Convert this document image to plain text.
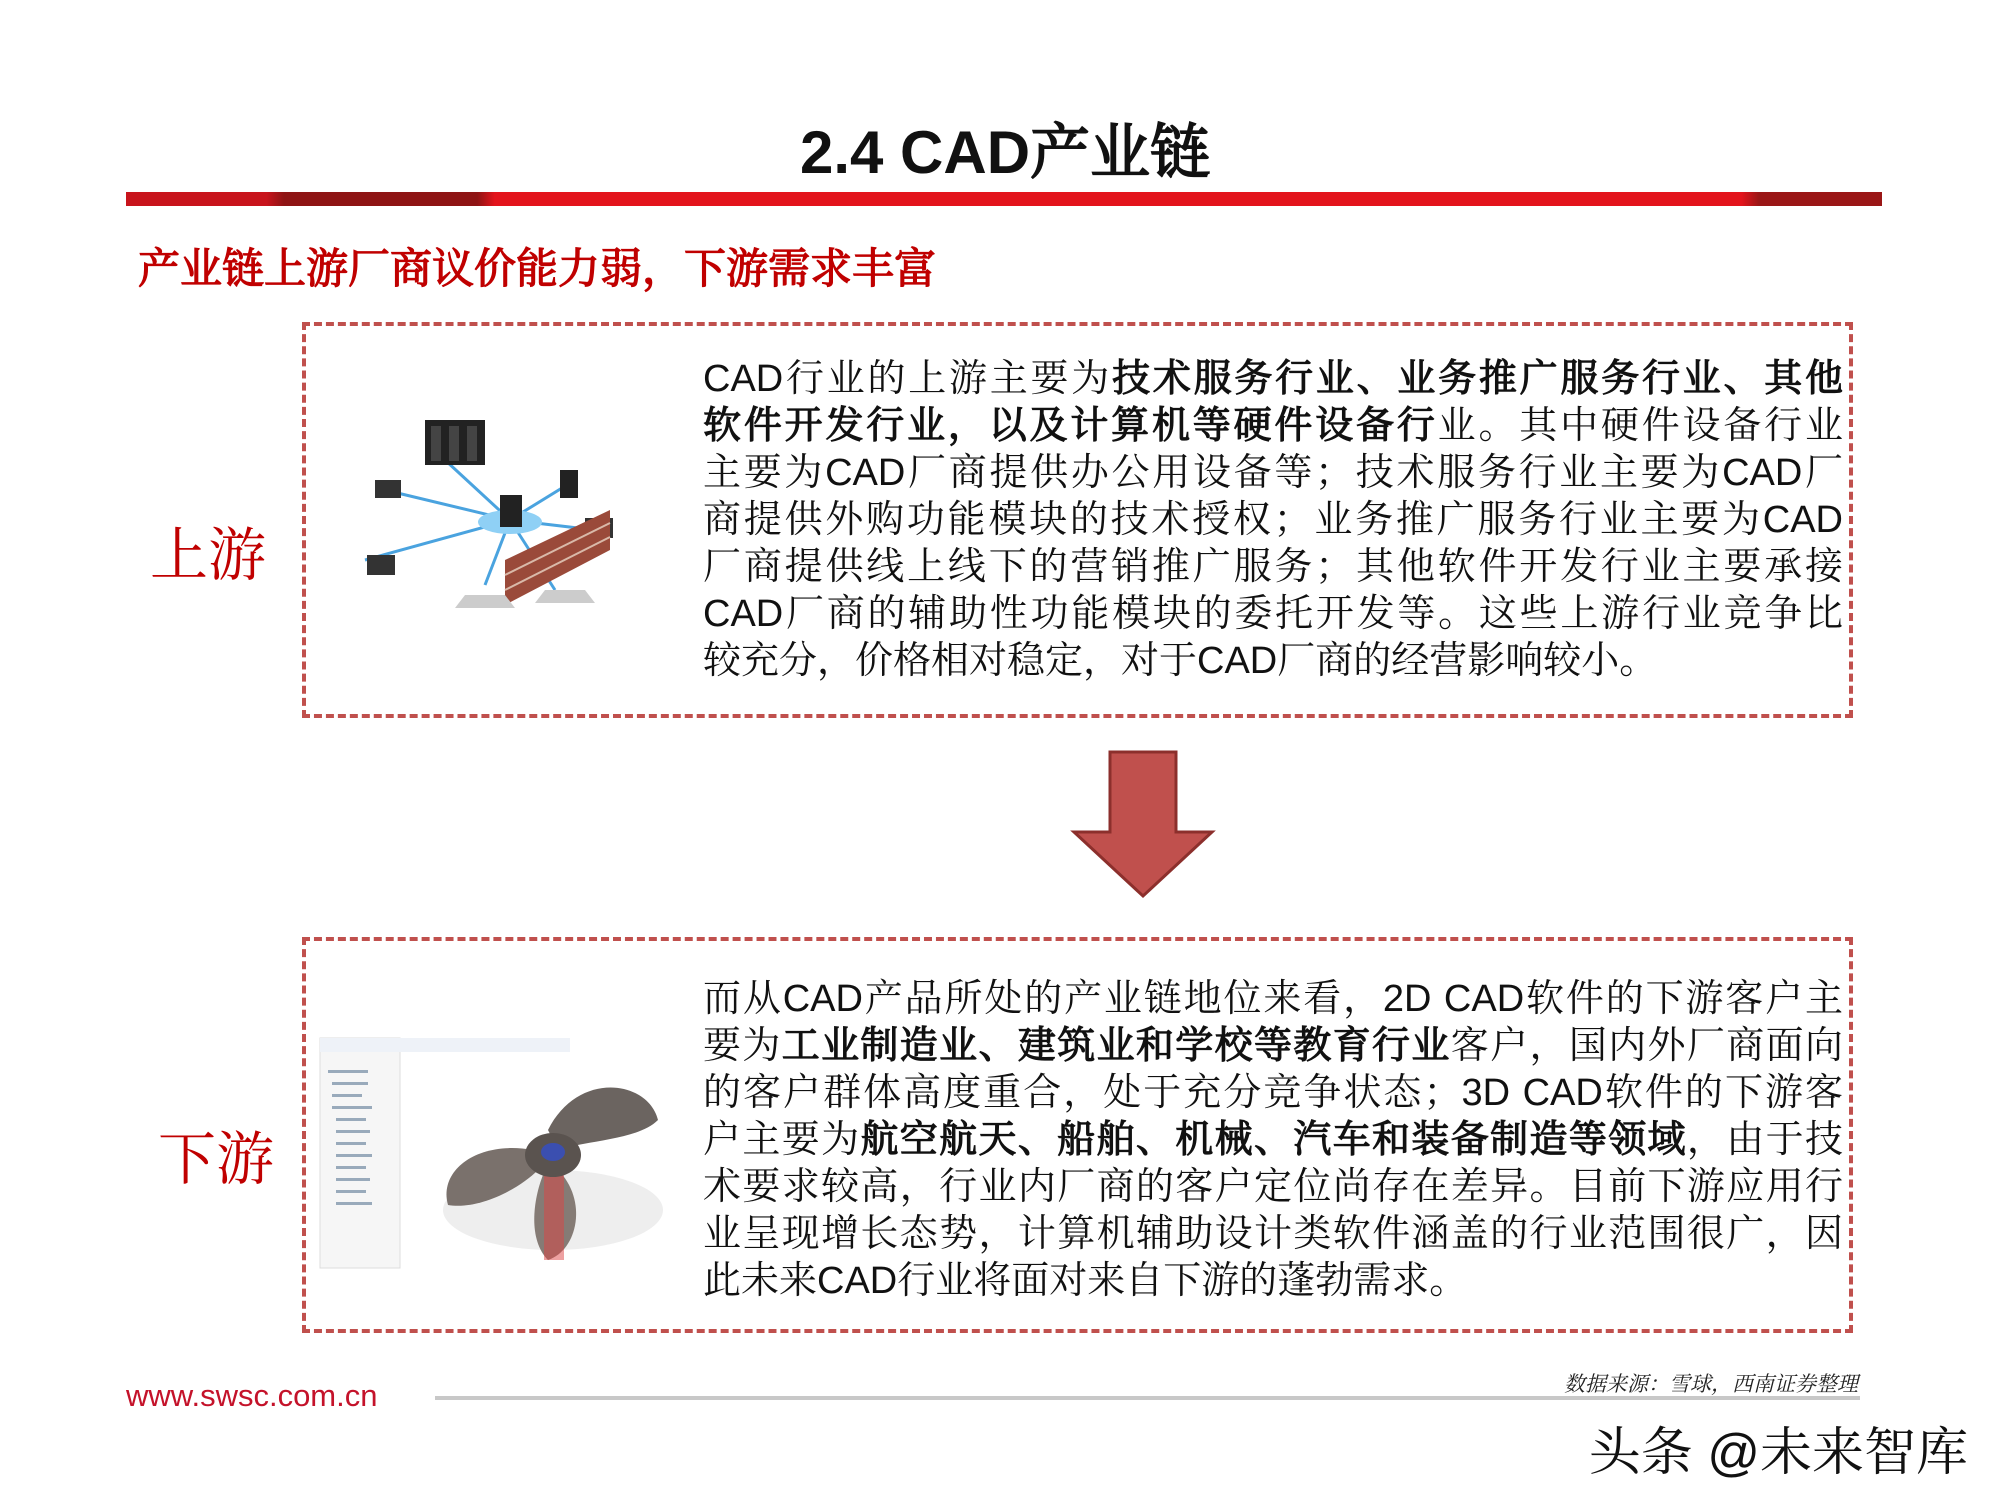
2.4 CAD产业链
产业链上游厂商议价能力弱，下游需求丰富
上游
CAD行业的上游主要为技术服务行业、业务推广服务行业、其他
软件开发行业，以及计算机等硬件设备行业。其中硬件设备行业
主要为CAD厂商提供办公用设备等；技术服务行业主要为CAD厂
商提供外购功能模块的技术授权；业务推广服务行业主要为CAD
厂商提供线上线下的营销推广服务；其他软件开发行业主要承接
CAD厂商的辅助性功能模块的委托开发等。这些上游行业竞争比
较充分，价格相对稳定，对于CAD厂商的经营影响较小。
下游
而从CAD产品所处的产业链地位来看，2D CAD软件的下游客户主
要为工业制造业、建筑业和学校等教育行业客户，国内外厂商面向
的客户群体高度重合，处于充分竞争状态；3D CAD软件的下游客
户主要为航空航天、船舶、机械、汽车和装备制造等领域，由于技
术要求较高，行业内厂商的客户定位尚存在差异。目前下游应用行
业呈现增长态势，计算机辅助设计类软件涵盖的行业范围很广，因
此未来CAD行业将面对来自下游的蓬勃需求。
www.swsc.com.cn	数据来源：雪球，西南证券整理
头条 @未来智库
